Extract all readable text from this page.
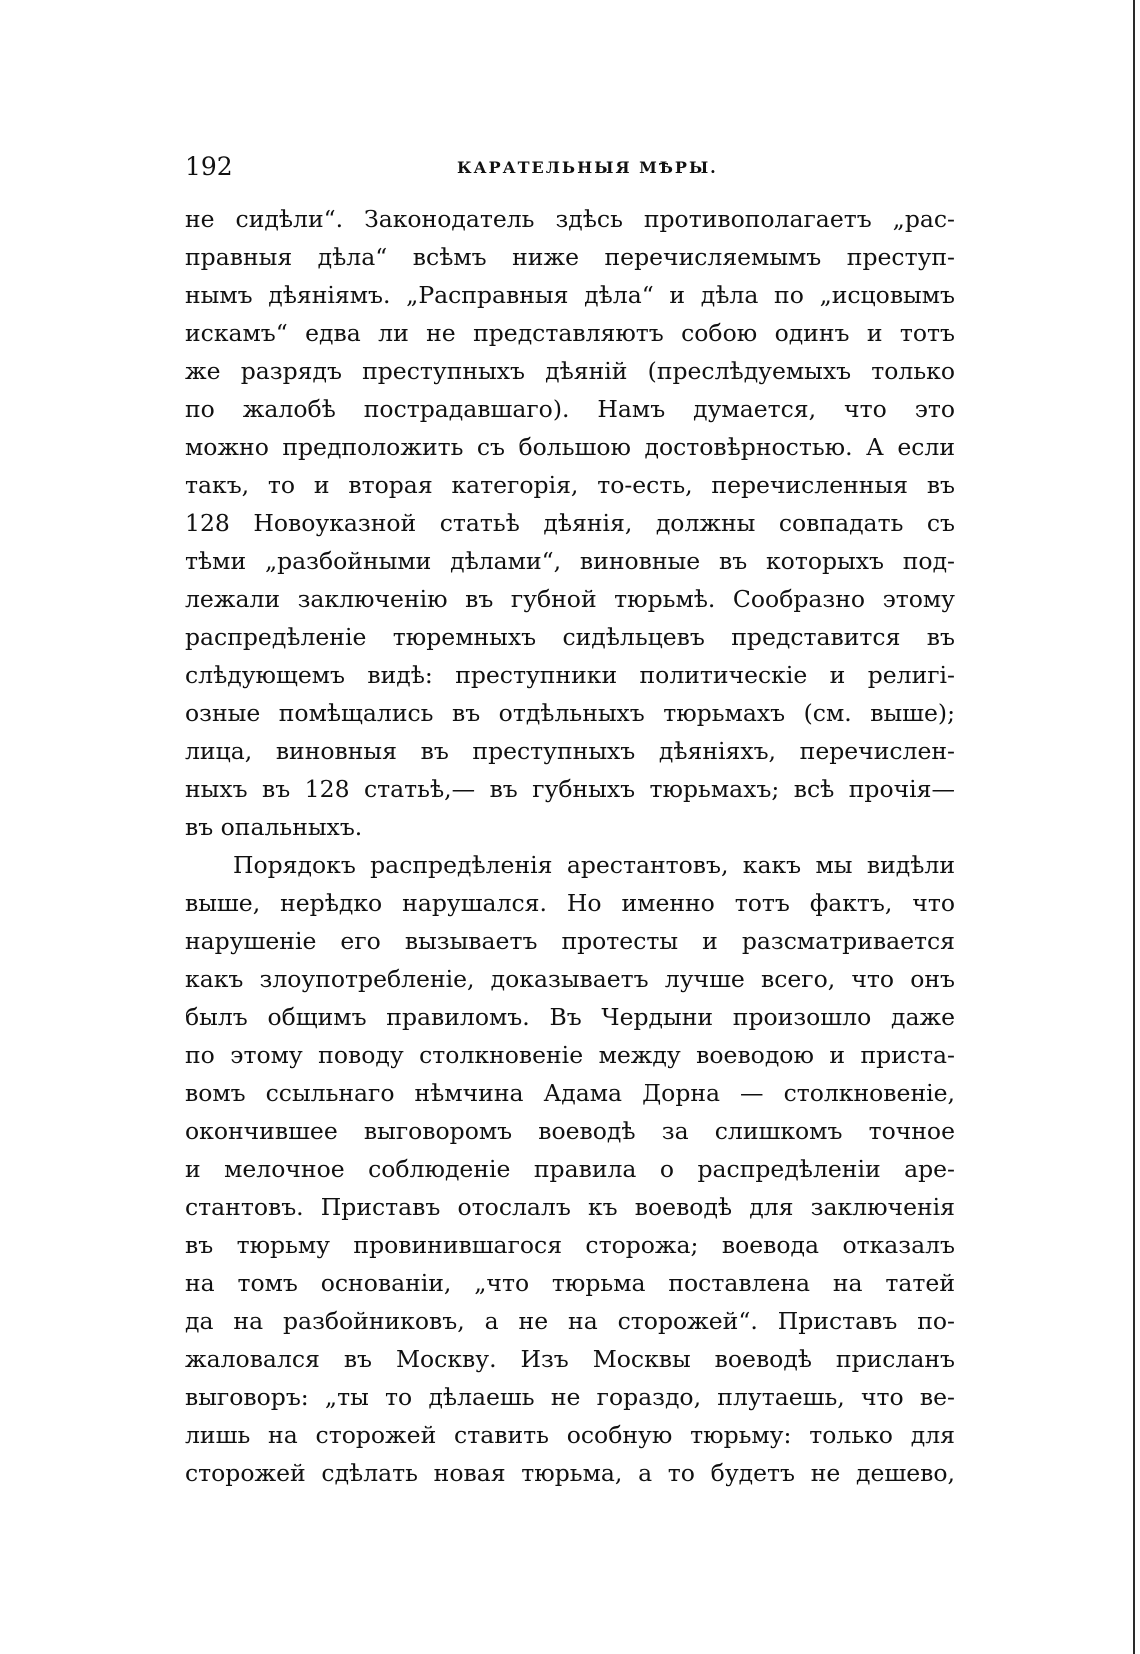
192	КАРАТЕЛЬНЫЯ МѢРЫ.
не сидѣли“. Законодатель здѣсь противополагаетъ „рас-
правныя дѣла“ всѣмъ ниже перечисляемымъ преступ-
нымъ дѣяніямъ. „Расправныя дѣла“ и дѣла по „исцовымъ
искамъ“ едва ли не представляютъ собою одинъ и тотъ
же разрядъ преступныхъ дѣяній (преслѣдуемыхъ только
по жалобѣ пострадавшаго). Намъ думается, что это
можно предположить съ большою достовѣрностью. А если
такъ, то и вторая категорія, то-есть, перечисленныя въ
128 Новоуказной статьѣ дѣянія, должны совпадать съ
тѣми „разбойными дѣлами“, виновные въ которыхъ под-
лежали заключенію въ губной тюрьмѣ. Сообразно этому
распредѣленіе тюремныхъ сидѣльцевъ представится въ
слѣдующемъ видѣ: преступники политическіе и религі-
озные помѣщались въ отдѣльныхъ тюрьмахъ (см. выше);
лица, виновныя въ преступныхъ дѣяніяхъ, перечислен-
ныхъ въ 128 статьѣ,— въ губныхъ тюрьмахъ; всѣ прочія—
въ опальныхъ.
Порядокъ распредѣленія арестантовъ, какъ мы видѣли
выше, нерѣдко нарушался. Но именно тотъ фактъ, что
нарушеніе его вызываетъ протесты и разсматривается
какъ злоупотребленіе, доказываетъ лучше всего, что онъ
былъ общимъ правиломъ. Въ Чердыни произошло даже
по этому поводу столкновеніе между воеводою и приста-
вомъ ссыльнаго нѣмчина Адама Дорна — столкновеніе,
окончившее выговоромъ воеводѣ за слишкомъ точное
и мелочное соблюденіе правила о распредѣленіи аре-
стантовъ. Приставъ отослалъ къ воеводѣ для заключенія
въ тюрьму провинившагося сторожа; воевода отказалъ
на томъ основаніи, „что тюрьма поставлена на татей
да на разбойниковъ, а не на сторожей“. Приставъ по-
жаловался въ Москву. Изъ Москвы воеводѣ присланъ
выговоръ: „ты то дѣлаешь не гораздо, плутаешь, что ве-
лишь на сторожей ставить особную тюрьму: только для
сторожей сдѣлать новая тюрьма, а то будетъ не дешево,
